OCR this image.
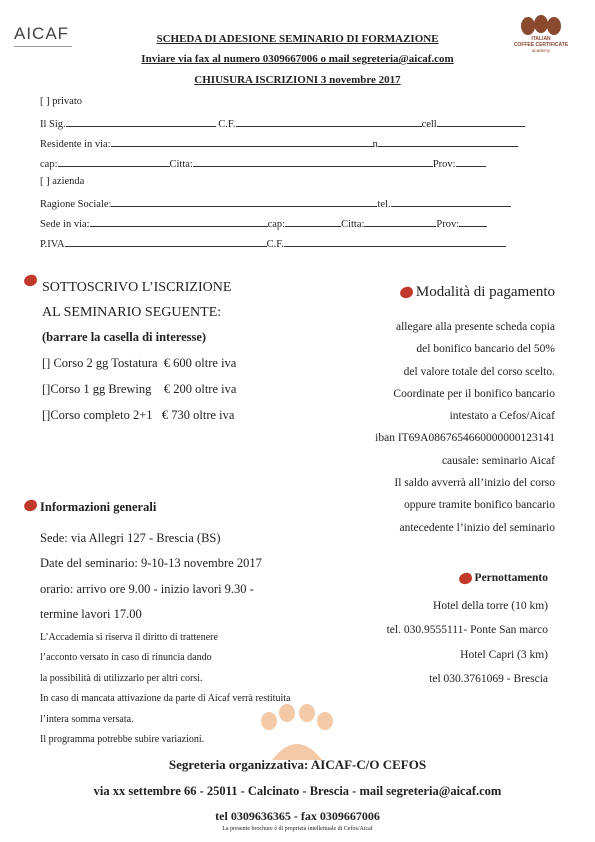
AICAF	ITALIAN
COFFEE CERTIFICATE
academy
SCHEDA DI ADESIONE SEMINARIO DI FORMAZIONE
Inviare via fax al numero 0309667006 o mail segreteria@aicaf.com
CHIUSURA ISCRIZIONI 3 novembre 2017
[ ] privato
Il Sig.	C.F.	cell
Residente in via:	n
cap:	Citta:	Prov:
[ ] azienda
Ragione Sociale:	tel.
Sede in via:	cap:	Citta:	Prov:
P.IVA	C.F.
SOTTOSCRIVO L’ISCRIZIONE
AL SEMINARIO SEGUENTE:
(barrare la casella di interesse)
[] Corso 2 gg Tostatura  € 600 oltre iva
[]Corso 1 gg Brewing    € 200 oltre iva
[]Corso completo 2+1   € 730 oltre iva
Modalità di pagamento
allegare alla presente scheda copia
del bonifico bancario del 50%
del valore totale del corso scelto.
Coordinate per il bonifico bancario
intestato a Cefos/Aicaf
iban IT69A0867654660000000123141
causale: seminario Aicaf
Il saldo avverrà all’inizio del corso
oppure tramite bonifico bancario
antecedente l’inizio del seminario
Informazioni generali
Sede: via Allegri 127 - Brescia (BS)
Date del seminario: 9-10-13 novembre 2017
orario: arrivo ore 9.00 - inizio lavori 9.30 -
termine lavori 17.00
L’Accademia si riserva il diritto di trattenere
l’acconto versato in caso di rinuncia dando
la possibilità di utilizzarlo per altri corsi.
In caso di mancata attivazione da parte di Aicaf verrà restituita
l’intera somma versata.
Il programma potrebbe subire variazioni.
Pernottamento
Hotel della torre (10 km)
tel. 030.9555111- Ponte San marco
Hotel Capri (3 km)
tel 030.3761069 - Brescia
Segreteria organizzativa: AICAF-C/O CEFOS
via xx settembre 66 - 25011 - Calcinato - Brescia - mail segreteria@aicaf.com
tel 0309636365 - fax 0309667006
La presente brochure è di proprietà intellettuale di Cefos/Aicaf
